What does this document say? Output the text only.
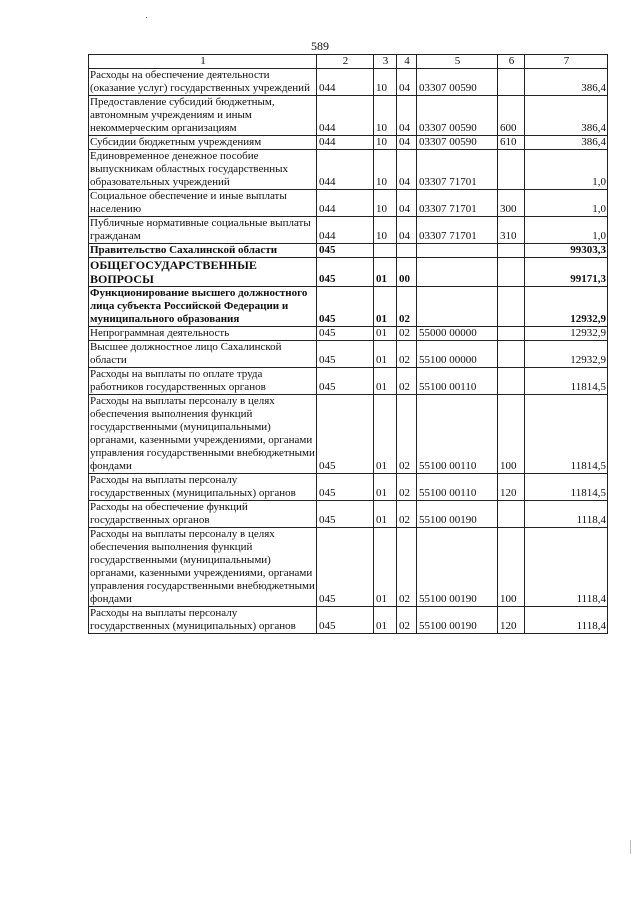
589
1	2	3	4	5	6	7
Расходы на обеспечение деятельности (оказание услуг) государственных учреждений	044	10	04	03307 00590		386,4
Предоставление субсидий бюджетным, автономным учреждениям и иным некоммерческим организациям	044	10	04	03307 00590	600	386,4
Субсидии бюджетным учреждениям	044	10	04	03307 00590	610	386,4
Единовременное денежное пособие выпускникам областных государственных образовательных учреждений	044	10	04	03307 71701		1,0
Социальное обеспечение и иные выплаты населению	044	10	04	03307 71701	300	1,0
Публичные нормативные социальные выплаты гражданам	044	10	04	03307 71701	310	1,0
Правительство Сахалинской области	045					99303,3
ОБЩЕГОСУДАРСТВЕННЫЕ ВОПРОСЫ	045	01	00			99171,3
Функционирование высшего должностного лица субъекта Российской Федерации и муниципального образования	045	01	02			12932,9
Непрограммная деятельность	045	01	02	55000 00000		12932,9
Высшее должностное лицо Сахалинской области	045	01	02	55100 00000		12932,9
Расходы на выплаты по оплате труда работников государственных органов	045	01	02	55100 00110		11814,5
Расходы на выплаты персоналу в целях обеспечения выполнения функций государственными (муниципальными) органами, казенными учреждениями, органами управления государственными внебюджетными фондами	045	01	02	55100 00110	100	11814,5
Расходы на выплаты персоналу государственных (муниципальных) органов	045	01	02	55100 00110	120	11814,5
Расходы на обеспечение функций государственных органов	045	01	02	55100 00190		1118,4
Расходы на выплаты персоналу в целях обеспечения выполнения функций государственными (муниципальными) органами, казенными учреждениями, органами управления государственными внебюджетными фондами	045	01	02	55100 00190	100	1118,4
Расходы на выплаты персоналу государственных (муниципальных) органов	045	01	02	55100 00190	120	1118,4
